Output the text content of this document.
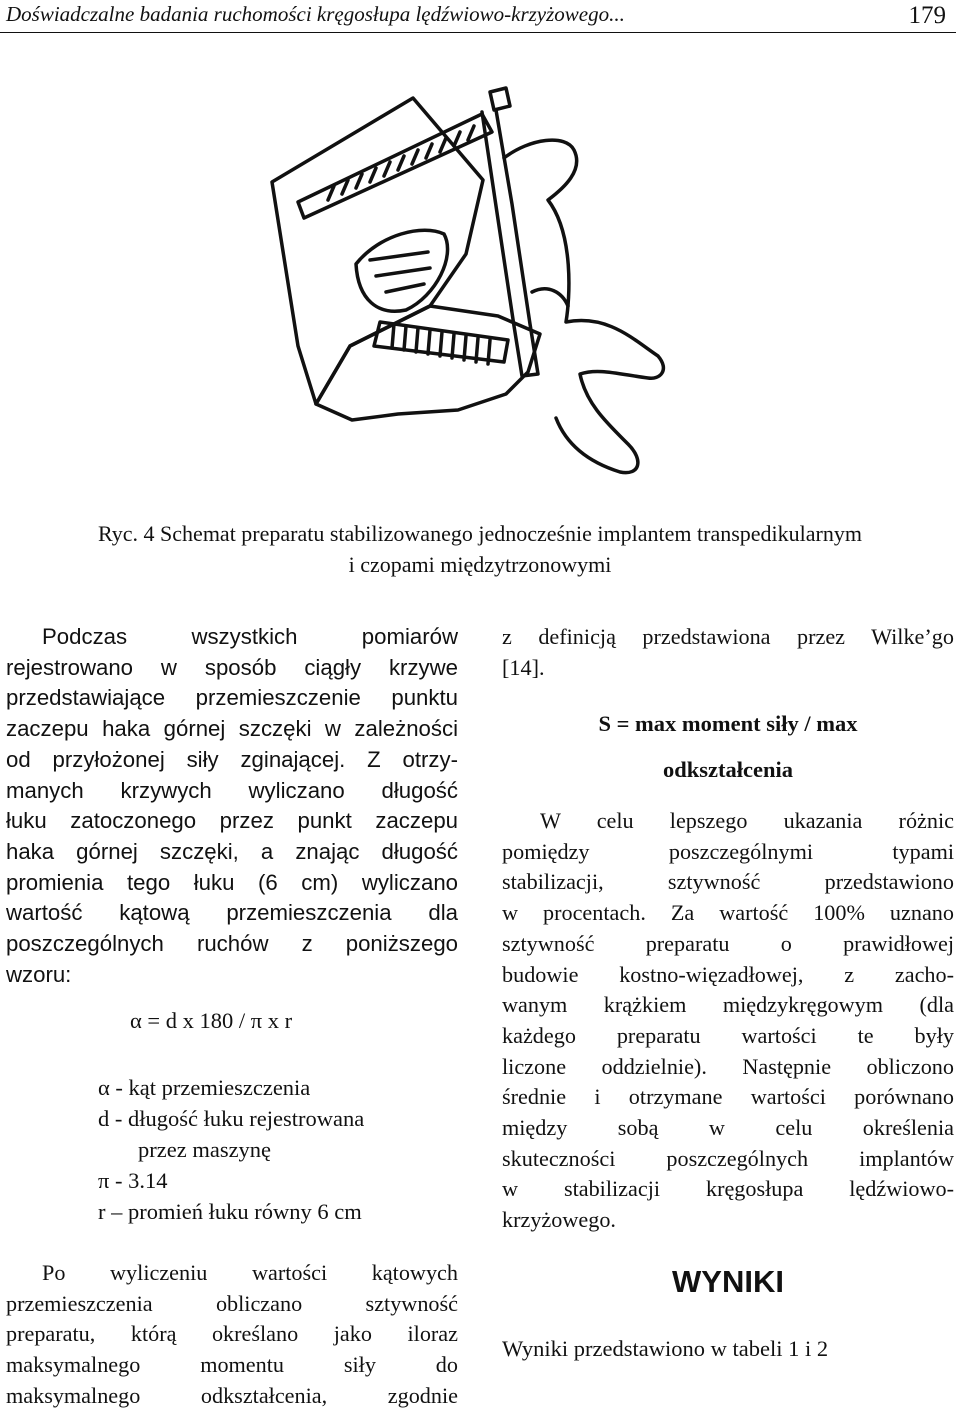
Doświadczalne badania ruchomości kręgosłupa lędźwiowo-krzyżowego...	179
Ryc. 4 Schemat preparatu stabilizowanego jednocześnie implantem transpedikularnym
i czopami międzytrzonowymi
Podczas wszystkich pomiarów
rejestrowano w sposób ciągły krzywe
przedstawiające przemieszczenie punktu
zaczepu haka górnej szczęki w zależności
od przyłożonej siły zginającej. Z otrzy-
manych krzywych wyliczano długość
łuku zatoczonego przez punkt zaczepu
haka górnej szczęki, a znając długość
promienia tego łuku (6 cm) wyliczano
wartość kątową przemieszczenia dla
poszczególnych ruchów z poniższego
wzoru:
α = d x 180 / π x r
α - kąt przemieszczenia
d - długość łuku rejestrowana
przez maszynę
π - 3.14
r – promień łuku równy 6 cm
Po wyliczeniu wartości kątowych
przemieszczenia obliczano sztywność
preparatu, którą określano jako iloraz
maksymalnego momentu siły do
maksymalnego odkształcenia, zgodnie
z definicją przedstawiona przez Wilke’go
[14].
S = max moment siły / max
odkształcenia
W celu lepszego ukazania różnic
pomiędzy poszczególnymi typami
stabilizacji, sztywność przedstawiono
w procentach. Za wartość 100% uznano
sztywność preparatu o prawidłowej
budowie kostno-więzadłowej, z zacho-
wanym krążkiem międzykręgowym (dla
każdego preparatu wartości te były
liczone oddzielnie). Następnie obliczono
średnie i otrzymane wartości porównano
między sobą w celu określenia
skuteczności poszczególnych implantów
w stabilizacji kręgosłupa lędźwiowo-
krzyżowego.
WYNIKI
Wyniki przedstawiono w tabeli 1 i 2
